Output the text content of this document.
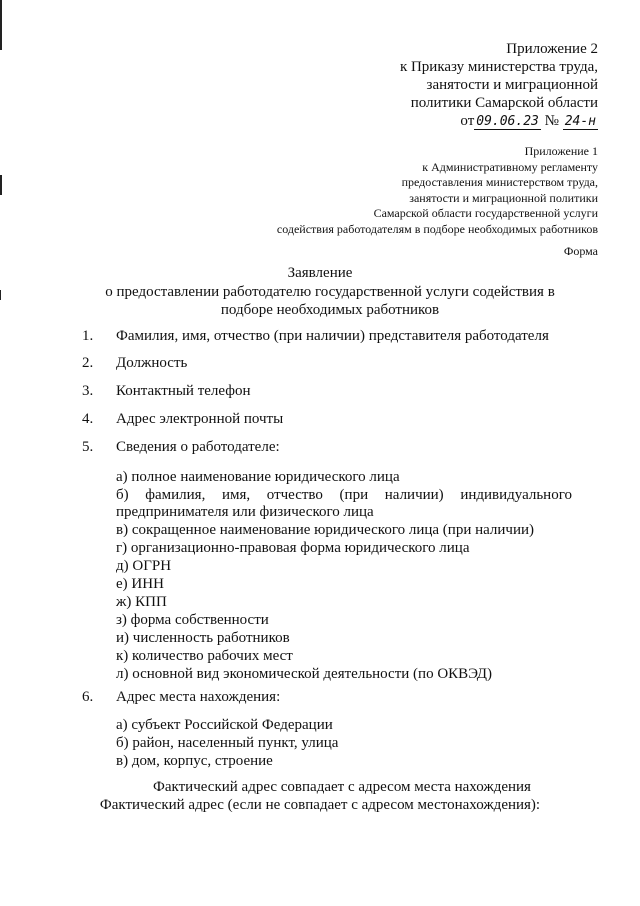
Приложение 2
к Приказу министерства труда,
занятости и миграционной
политики Самарской области
от 09.06.23 № 24-н
Приложение 1
к Административному регламенту
предоставления министерством труда,
занятости и миграционной политики
Самарской области государственной услуги
содействия работодателям в подборе необходимых работников
Форма
Заявление
о предоставлении работодателю государственной услуги содействия в
подборе необходимых работников
1.	Фамилия, имя, отчество (при наличии) представителя работодателя
2.	Должность
3.	Контактный телефон
4.	Адрес электронной почты
5.	Сведения о работодателе:
а) полное наименование юридического лица
б) фамилия, имя, отчество (при наличии) индивидуального
предпринимателя или физического лица
в) сокращенное наименование юридического лица (при наличии)
г) организационно-правовая форма юридического лица
д) ОГРН
е) ИНН
ж) КПП
з) форма собственности
и) численность работников
к) количество рабочих мест
л) основной вид экономической деятельности (по ОКВЭД)
6.	Адрес места нахождения:
а) субъект Российской Федерации
б) район, населенный пункт, улица
в) дом, корпус, строение
Фактический адрес совпадает с адресом места нахождения
Фактический адрес (если не совпадает с адресом местонахождения):
